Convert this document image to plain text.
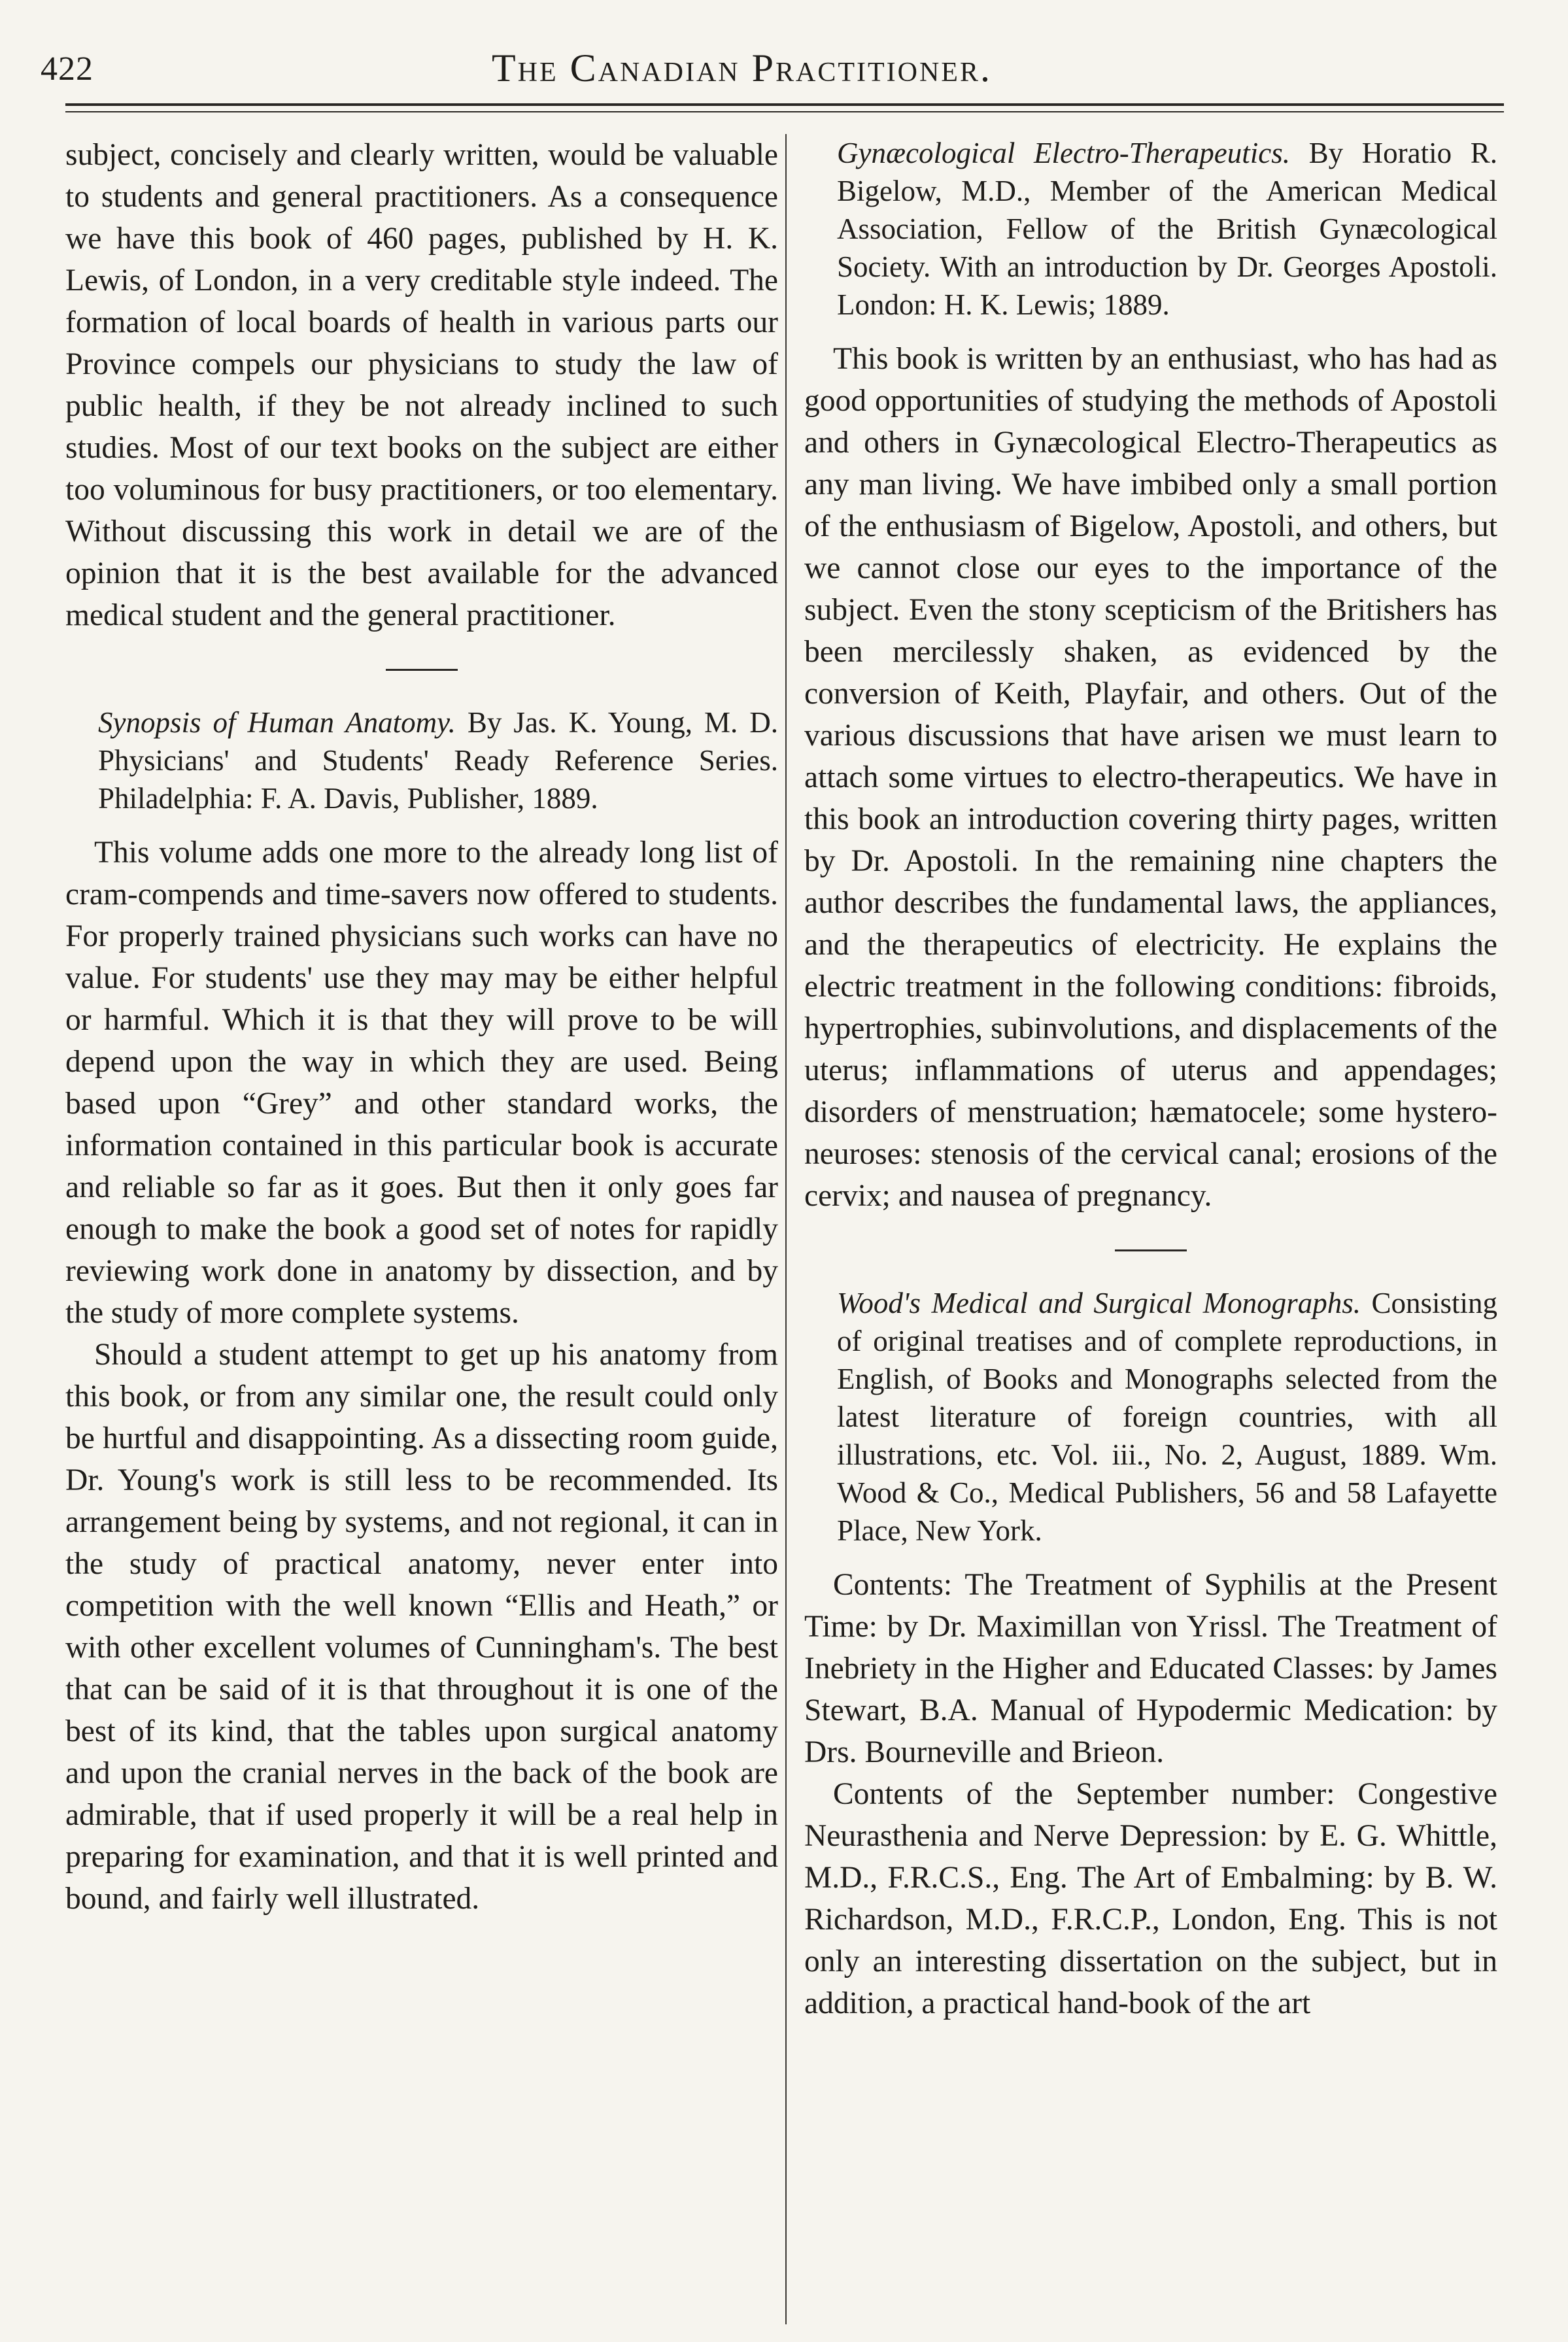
422	The Canadian Practitioner.

subject, concisely and clearly written, would be valuable to students and general practitioners. As a consequence we have this book of 460 pages, published by H. K. Lewis, of London, in a very creditable style indeed. The formation of local boards of health in various parts our Province compels our physicians to study the law of public health, if they be not already inclined to such studies. Most of our text books on the subject are either too voluminous for busy practitioners, or too elementary. Without discussing this work in detail we are of the opinion that it is the best available for the advanced medical student and the general practitioner.

Synopsis of Human Anatomy. By Jas. K. Young, M. D. Physicians' and Students' Ready Reference Series. Philadelphia: F. A. Davis, Publisher, 1889.

This volume adds one more to the already long list of cram-compends and time-savers now offered to students. For properly trained physicians such works can have no value. For students' use they may may be either helpful or harmful. Which it is that they will prove to be will depend upon the way in which they are used. Being based upon “Grey” and other standard works, the information contained in this particular book is accurate and reliable so far as it goes. But then it only goes far enough to make the book a good set of notes for rapidly reviewing work done in anatomy by dissection, and by the study of more complete systems.

Should a student attempt to get up his anatomy from this book, or from any similar one, the result could only be hurtful and disappointing. As a dissecting room guide, Dr. Young's work is still less to be recommended. Its arrangement being by systems, and not regional, it can in the study of practical anatomy, never enter into competition with the well known “Ellis and Heath,” or with other excellent volumes of Cunningham's. The best that can be said of it is that throughout it is one of the best of its kind, that the tables upon surgical anatomy and upon the cranial nerves in the back of the book are admirable, that if used properly it will be a real help in preparing for examination, and that it is well printed and bound, and fairly well illustrated.

Gynæcological Electro-Therapeutics. By Horatio R. Bigelow, M.D., Member of the American Medical Association, Fellow of the British Gynæcological Society. With an introduction by Dr. Georges Apostoli. London: H. K. Lewis; 1889.

This book is written by an enthusiast, who has had as good opportunities of studying the methods of Apostoli and others in Gynæcological Electro-Therapeutics as any man living. We have imbibed only a small portion of the enthusiasm of Bigelow, Apostoli, and others, but we cannot close our eyes to the importance of the subject. Even the stony scepticism of the Britishers has been mercilessly shaken, as evidenced by the conversion of Keith, Playfair, and others. Out of the various discussions that have arisen we must learn to attach some virtues to electro-therapeutics. We have in this book an introduction covering thirty pages, written by Dr. Apostoli. In the remaining nine chapters the author describes the fundamental laws, the appliances, and the therapeutics of electricity. He explains the electric treatment in the following conditions: fibroids, hypertrophies, subinvolutions, and displacements of the uterus; inflammations of uterus and appendages; disorders of menstruation; hæmatocele; some hystero-neuroses: stenosis of the cervical canal; erosions of the cervix; and nausea of pregnancy.

Wood's Medical and Surgical Monographs. Consisting of original treatises and of complete reproductions, in English, of Books and Monographs selected from the latest literature of foreign countries, with all illustrations, etc. Vol. iii., No. 2, August, 1889. Wm. Wood & Co., Medical Publishers, 56 and 58 Lafayette Place, New York.

Contents: The Treatment of Syphilis at the Present Time: by Dr. Maximillan von Yrissl. The Treatment of Inebriety in the Higher and Educated Classes: by James Stewart, B.A. Manual of Hypodermic Medication: by Drs. Bourneville and Brieon.

Contents of the September number: Congestive Neurasthenia and Nerve Depression: by E. G. Whittle, M.D., F.R.C.S., Eng. The Art of Embalming: by B. W. Richardson, M.D., F.R.C.P., London, Eng. This is not only an interesting dissertation on the subject, but in addition, a practical hand-book of the art
